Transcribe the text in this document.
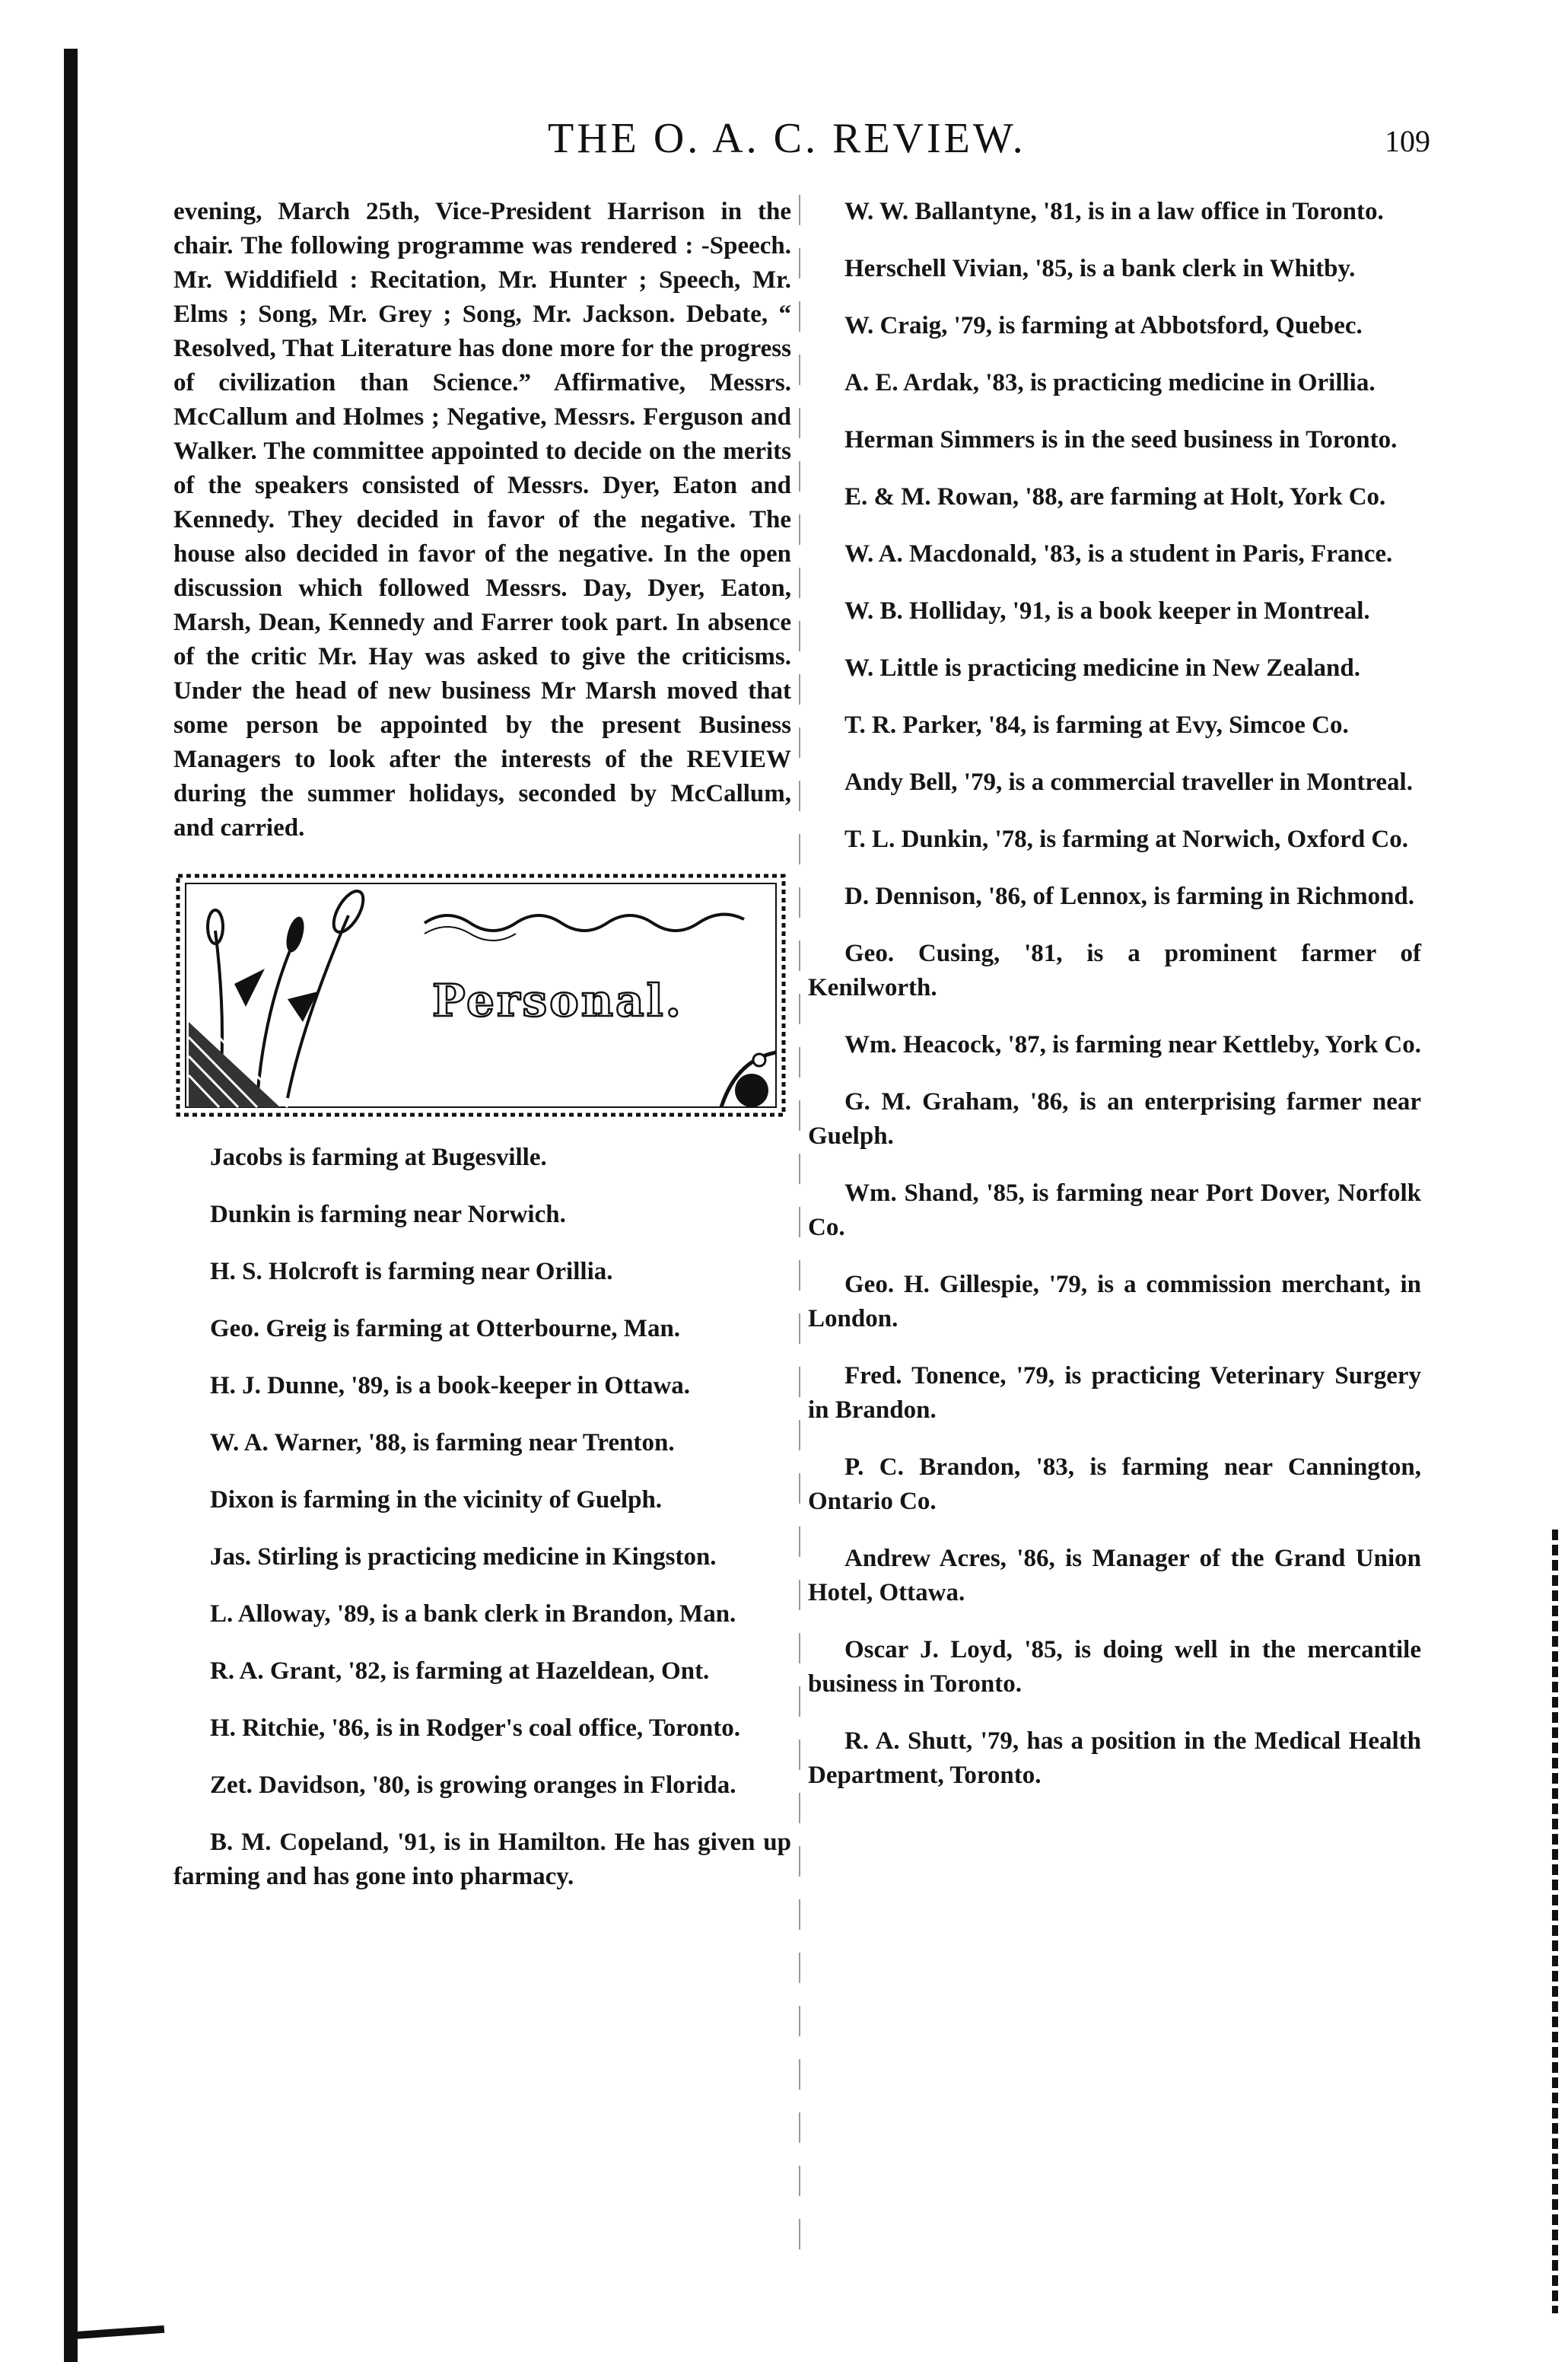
THE O. A. C. REVIEW.	109

evening, March 25th, Vice-President Harrison in the chair. The following programme was rendered : -Speech. Mr. Widdifield : Recitation, Mr. Hunter ; Speech, Mr. Elms ; Song, Mr. Grey ; Song, Mr. Jackson. Debate, “ Resolved, That Literature has done more for the progress of civilization than Science.” Affirmative, Messrs. McCallum and Holmes ; Negative, Messrs. Ferguson and Walker. The committee appointed to decide on the merits of the speakers consisted of Messrs. Dyer, Eaton and Kennedy. They decided in favor of the negative. The house also decided in favor of the negative. In the open discussion which followed Messrs. Day, Dyer, Eaton, Marsh, Dean, Kennedy and Farrer took part. In absence of the critic Mr. Hay was asked to give the criticisms. Under the head of new business Mr Marsh moved that some person be appointed by the present Business Managers to look after the interests of the REVIEW during the summer holidays, seconded by McCallum, and carried.

Personal.

Jacobs is farming at Bugesville.

Dunkin is farming near Norwich.

H. S. Holcroft is farming near Orillia.

Geo. Greig is farming at Otterbourne, Man.

H. J. Dunne, '89, is a book-keeper in Ottawa.

W. A. Warner, '88, is farming near Trenton.

Dixon is farming in the vicinity of Guelph.

Jas. Stirling is practicing medicine in Kingston.

L. Alloway, '89, is a bank clerk in Brandon, Man.

R. A. Grant, '82, is farming at Hazeldean, Ont.

H. Ritchie, '86, is in Rodger's coal office, Toronto.

Zet. Davidson, '80, is growing oranges in Florida.

B. M. Copeland, '91, is in Hamilton. He has given up farming and has gone into pharmacy.

W. W. Ballantyne, '81, is in a law office in Toronto.

Herschell Vivian, '85, is a bank clerk in Whitby.

W. Craig, '79, is farming at Abbotsford, Quebec.

A. E. Ardak, '83, is practicing medicine in Orillia.

Herman Simmers is in the seed business in Toronto.

E. & M. Rowan, '88, are farming at Holt, York Co.

W. A. Macdonald, '83, is a student in Paris, France.

W. B. Holliday, '91, is a book keeper in Montreal.

W. Little is practicing medicine in New Zealand.

T. R. Parker, '84, is farming at Evy, Simcoe Co.

Andy Bell, '79, is a commercial traveller in Montreal.

T. L. Dunkin, '78, is farming at Norwich, Oxford Co.

D. Dennison, '86, of Lennox, is farming in Richmond.

Geo. Cusing, '81, is a prominent farmer of Kenilworth.

Wm. Heacock, '87, is farming near Kettleby, York Co.

G. M. Graham, '86, is an enterprising farmer near Guelph.

Wm. Shand, '85, is farming near Port Dover, Norfolk Co.

Geo. H. Gillespie, '79, is a commission merchant, in London.

Fred. Tonence, '79, is practicing Veterinary Surgery in Brandon.

P. C. Brandon, '83, is farming near Cannington, Ontario Co.

Andrew Acres, '86, is Manager of the Grand Union Hotel, Ottawa.

Oscar J. Loyd, '85, is doing well in the mercantile business in Toronto.

R. A. Shutt, '79, has a position in the Medical Health Department, Toronto.
